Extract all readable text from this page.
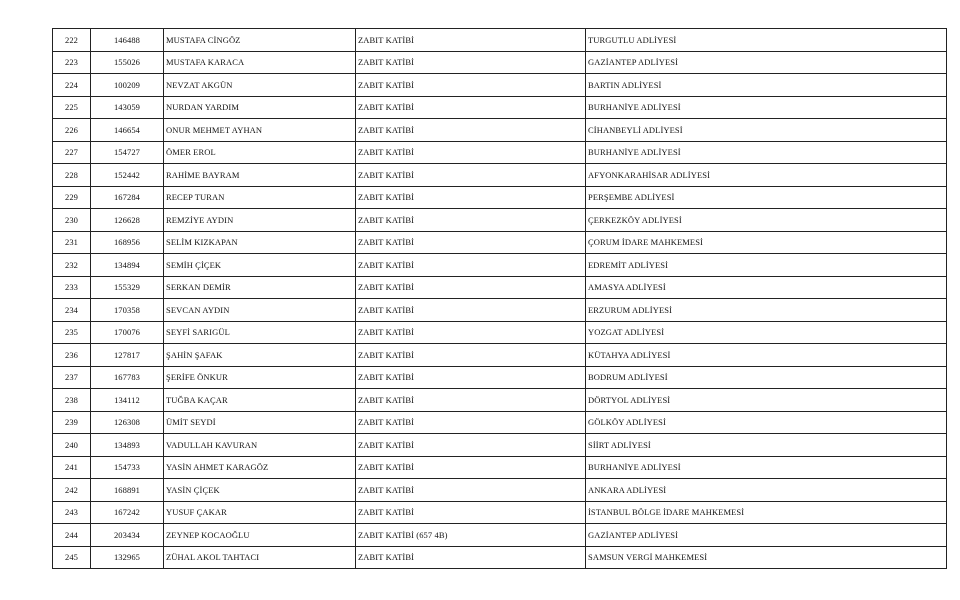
222	146488	MUSTAFA CİNGÖZ	ZABIT KATİBİ	TURGUTLU ADLİYESİ
223	155026	MUSTAFA KARACA	ZABIT KATİBİ	GAZİANTEP ADLİYESİ
224	100209	NEVZAT AKGÜN	ZABIT KATİBİ	BARTIN ADLİYESİ
225	143059	NURDAN YARDIM	ZABIT KATİBİ	BURHANİYE ADLİYESİ
226	146654	ONUR MEHMET AYHAN	ZABIT KATİBİ	CİHANBEYLİ ADLİYESİ
227	154727	ÖMER EROL	ZABIT KATİBİ	BURHANİYE ADLİYESİ
228	152442	RAHİME BAYRAM	ZABIT KATİBİ	AFYONKARAHİSAR ADLİYESİ
229	167284	RECEP TURAN	ZABIT KATİBİ	PERŞEMBE ADLİYESİ
230	126628	REMZİYE AYDIN	ZABIT KATİBİ	ÇERKEZKÖY ADLİYESİ
231	168956	SELİM KIZKAPAN	ZABIT KATİBİ	ÇORUM İDARE MAHKEMESİ
232	134894	SEMİH ÇİÇEK	ZABIT KATİBİ	EDREMİT ADLİYESİ
233	155329	SERKAN DEMİR	ZABIT KATİBİ	AMASYA ADLİYESİ
234	170358	SEVCAN AYDIN	ZABIT KATİBİ	ERZURUM ADLİYESİ
235	170076	SEYFİ SARIGÜL	ZABIT KATİBİ	YOZGAT ADLİYESİ
236	127817	ŞAHİN ŞAFAK	ZABIT KATİBİ	KÜTAHYA ADLİYESİ
237	167783	ŞERİFE ÖNKUR	ZABIT KATİBİ	BODRUM ADLİYESİ
238	134112	TUĞBA KAÇAR	ZABIT KATİBİ	DÖRTYOL ADLİYESİ
239	126308	ÜMİT SEYDİ	ZABIT KATİBİ	GÖLKÖY ADLİYESİ
240	134893	VADULLAH KAVURAN	ZABIT KATİBİ	SİİRT ADLİYESİ
241	154733	YASİN AHMET KARAGÖZ	ZABIT KATİBİ	BURHANİYE ADLİYESİ
242	168891	YASİN ÇİÇEK	ZABIT KATİBİ	ANKARA ADLİYESİ
243	167242	YUSUF ÇAKAR	ZABIT KATİBİ	İSTANBUL BÖLGE İDARE MAHKEMESİ
244	203434	ZEYNEP KOCAOĞLU	ZABIT KATİBİ (657 4B)	GAZİANTEP ADLİYESİ
245	132965	ZÜHAL AKOL TAHTACI	ZABIT KATİBİ	SAMSUN VERGİ MAHKEMESİ
